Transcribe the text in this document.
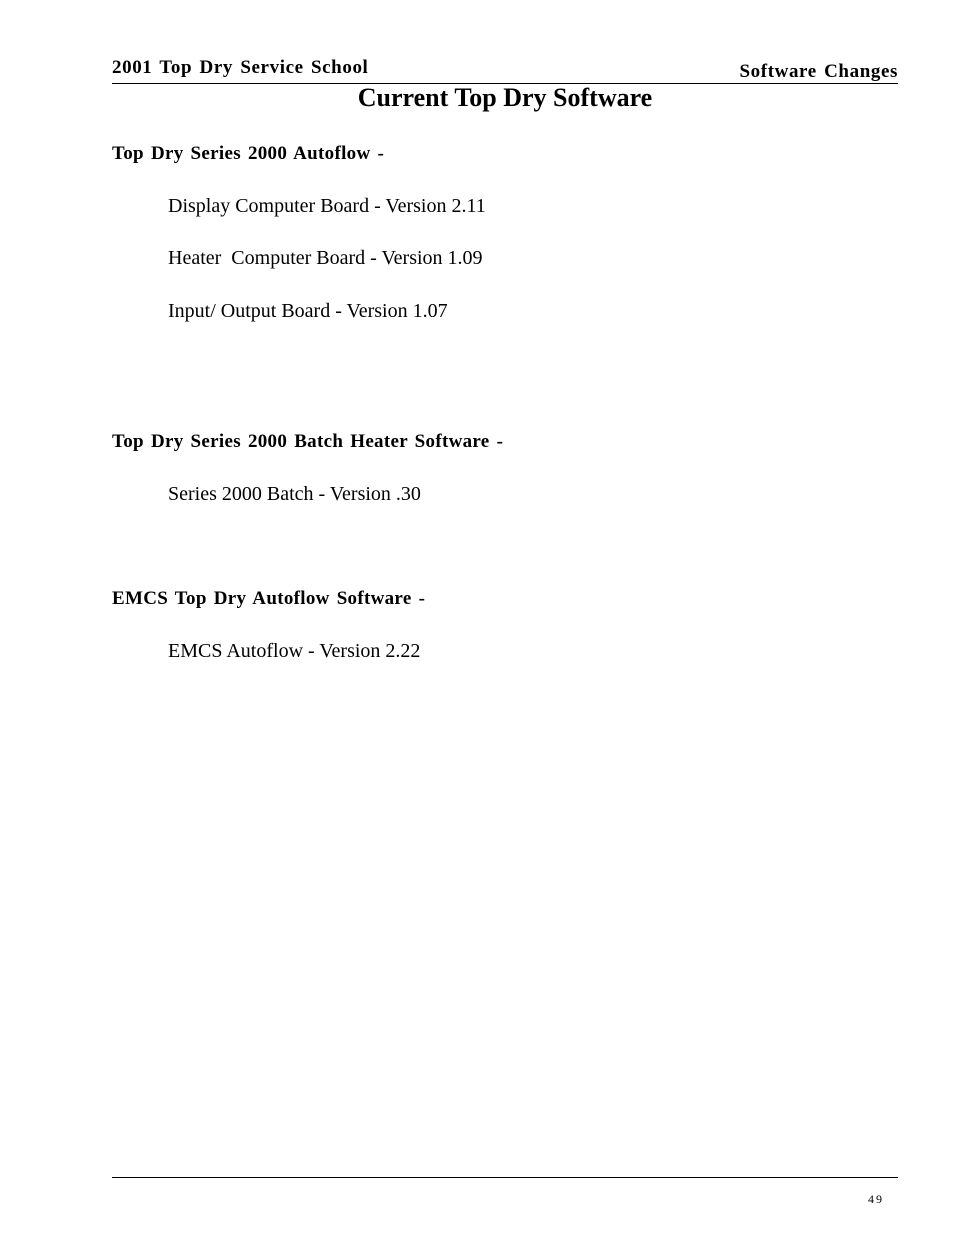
2001 Top Dry Service School	Software Changes
Current Top Dry Software
Top Dry Series 2000 Autoflow -
Display Computer Board - Version 2.11
Heater  Computer Board - Version 1.09
Input/ Output Board - Version 1.07
Top Dry Series 2000 Batch Heater Software -
Series 2000 Batch - Version .30
EMCS Top Dry Autoflow Software -
EMCS Autoflow - Version 2.22
49
